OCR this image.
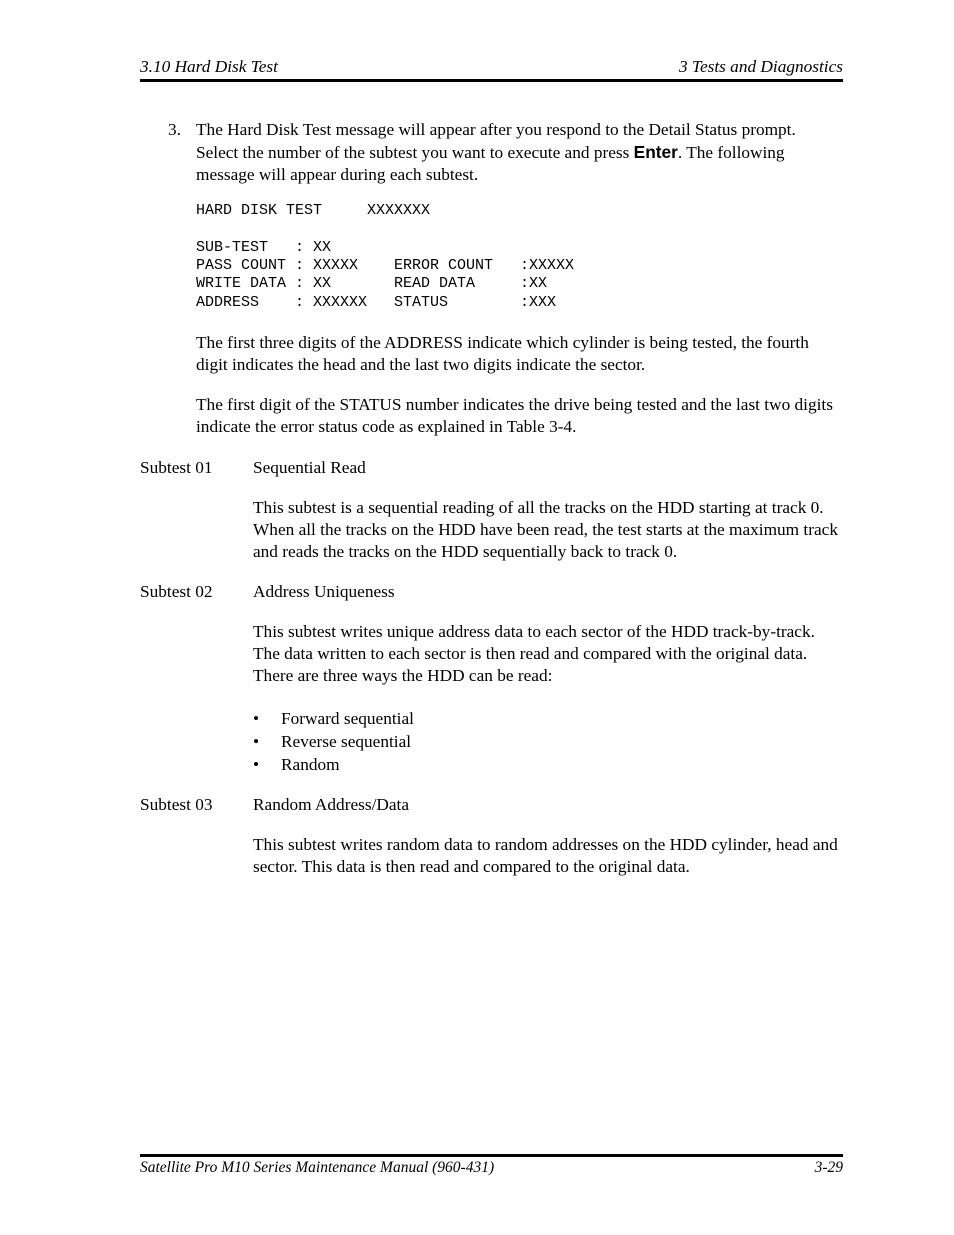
3.10 Hard Disk Test	3 Tests and Diagnostics
3. The Hard Disk Test message will appear after you respond to the Detail Status prompt. Select the number of the subtest you want to execute and press Enter. The following message will appear during each subtest.
HARD DISK TEST     XXXXXXX
SUB-TEST   : XX
PASS COUNT : XXXXX    ERROR COUNT   :XXXXX
WRITE DATA : XX       READ DATA     :XX
ADDRESS    : XXXXXX   STATUS        :XXX
The first three digits of the ADDRESS indicate which cylinder is being tested, the fourth digit indicates the head and the last two digits indicate the sector.
The first digit of the STATUS number indicates the drive being tested and the last two digits indicate the error status code as explained in Table 3-4.
Subtest 01 Sequential Read
This subtest is a sequential reading of all the tracks on the HDD starting at track 0. When all the tracks on the HDD have been read, the test starts at the maximum track and reads the tracks on the HDD sequentially back to track 0.
Subtest 02 Address Uniqueness
This subtest writes unique address data to each sector of the HDD track-by-track. The data written to each sector is then read and compared with the original data. There are three ways the HDD can be read:
• Forward sequential
• Reverse sequential
• Random
Subtest 03 Random Address/Data
This subtest writes random data to random addresses on the HDD cylinder, head and sector. This data is then read and compared to the original data.
Satellite Pro M10 Series Maintenance Manual (960-431)	3-29
